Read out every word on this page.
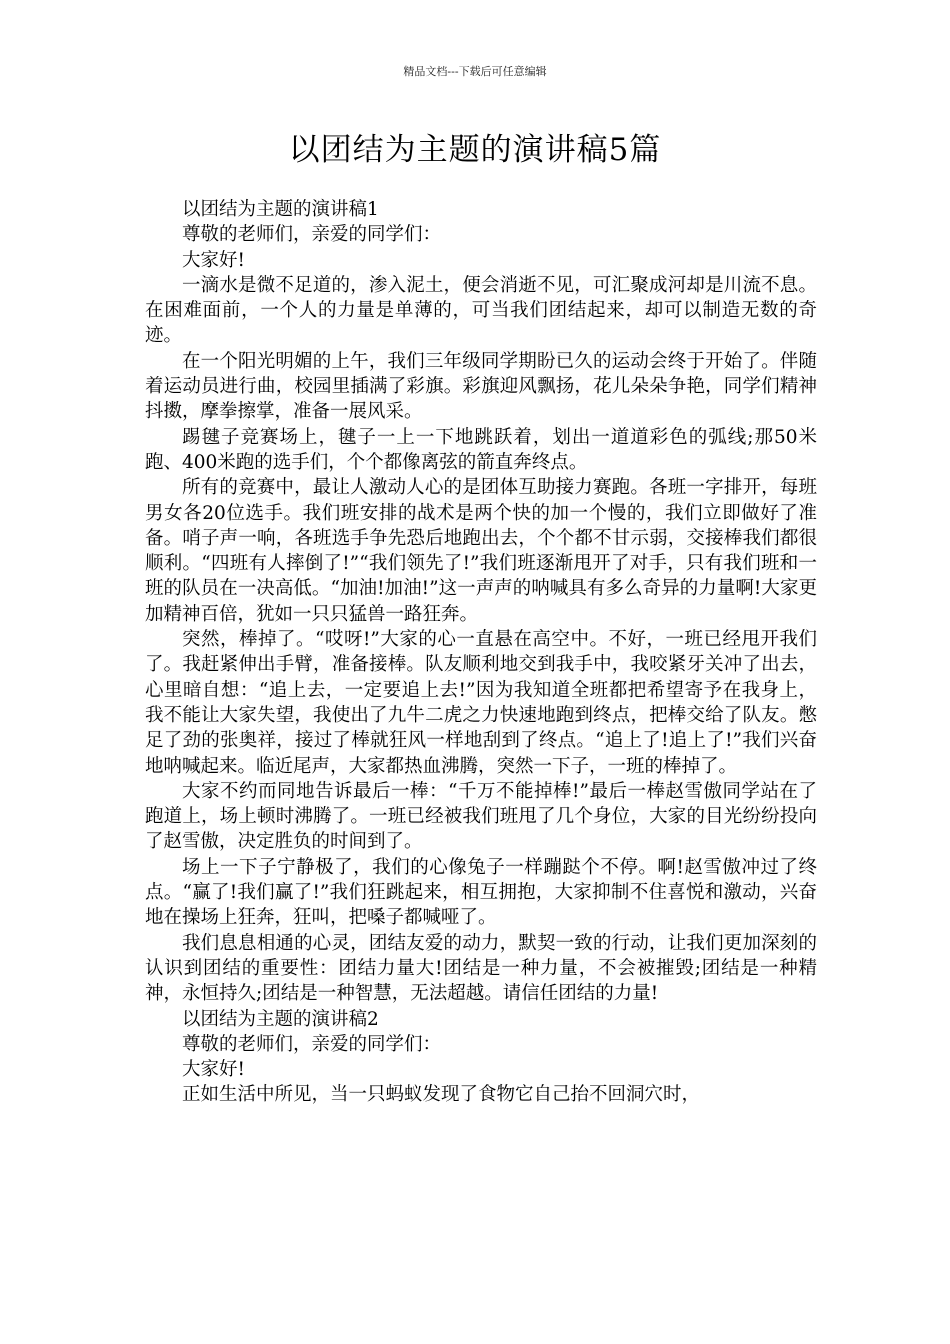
精品文档---下载后可任意编辑
以团结为主题的演讲稿5篇

以团结为主题的演讲稿1

尊敬的老师们，亲爱的同学们：

大家好!

一滴水是微不足道的，渗入泥土，便会消逝不见，可汇聚成河却是川流不息。在困难面前，一个人的力量是单薄的，可当我们团结起来，却可以制造无数的奇迹。

在一个阳光明媚的上午，我们三年级同学期盼已久的运动会终于开始了。伴随着运动员进行曲，校园里插满了彩旗。彩旗迎风飘扬，花儿朵朵争艳，同学们精神抖擞，摩拳擦掌，准备一展风采。

踢毽子竞赛场上，毽子一上一下地跳跃着，划出一道道彩色的弧线;那50米跑、400米跑的选手们，个个都像离弦的箭直奔终点。

所有的竞赛中，最让人激动人心的是团体互助接力赛跑。各班一字排开，每班男女各20位选手。我们班安排的战术是两个快的加一个慢的，我们立即做好了准备。哨子声一响，各班选手争先恐后地跑出去，个个都不甘示弱，交接棒我们都很顺利。“四班有人摔倒了!”“我们领先了!”我们班逐渐甩开了对手，只有我们班和一班的队员在一决高低。“加油!加油!”这一声声的呐喊具有多么奇异的力量啊!大家更加精神百倍，犹如一只只猛兽一路狂奔。

突然，棒掉了。“哎呀!”大家的心一直悬在高空中。不好，一班已经甩开我们了。我赶紧伸出手臂，准备接棒。队友顺利地交到我手中，我咬紧牙关冲了出去，心里暗自想：“追上去，一定要追上去!”因为我知道全班都把希望寄予在我身上，我不能让大家失望，我使出了九牛二虎之力快速地跑到终点，把棒交给了队友。憋足了劲的张奥祥，接过了棒就狂风一样地刮到了终点。“追上了!追上了!”我们兴奋地呐喊起来。临近尾声，大家都热血沸腾，突然一下子，一班的棒掉了。

大家不约而同地告诉最后一棒：“千万不能掉棒!”最后一棒赵雪傲同学站在了跑道上，场上顿时沸腾了。一班已经被我们班甩了几个身位，大家的目光纷纷投向了赵雪傲，决定胜负的时间到了。

场上一下子宁静极了，我们的心像兔子一样蹦跶个不停。啊!赵雪傲冲过了终点。“赢了!我们赢了!”我们狂跳起来，相互拥抱，大家抑制不住喜悦和激动，兴奋地在操场上狂奔，狂叫，把嗓子都喊哑了。

我们息息相通的心灵，团结友爱的动力，默契一致的行动，让我们更加深刻的认识到团结的重要性：团结力量大!团结是一种力量，不会被摧毁;团结是一种精神，永恒持久;团结是一种智慧，无法超越。请信任团结的力量!

以团结为主题的演讲稿2

尊敬的老师们，亲爱的同学们：

大家好!

正如生活中所见，当一只蚂蚁发现了食物它自己抬不回洞穴时，
